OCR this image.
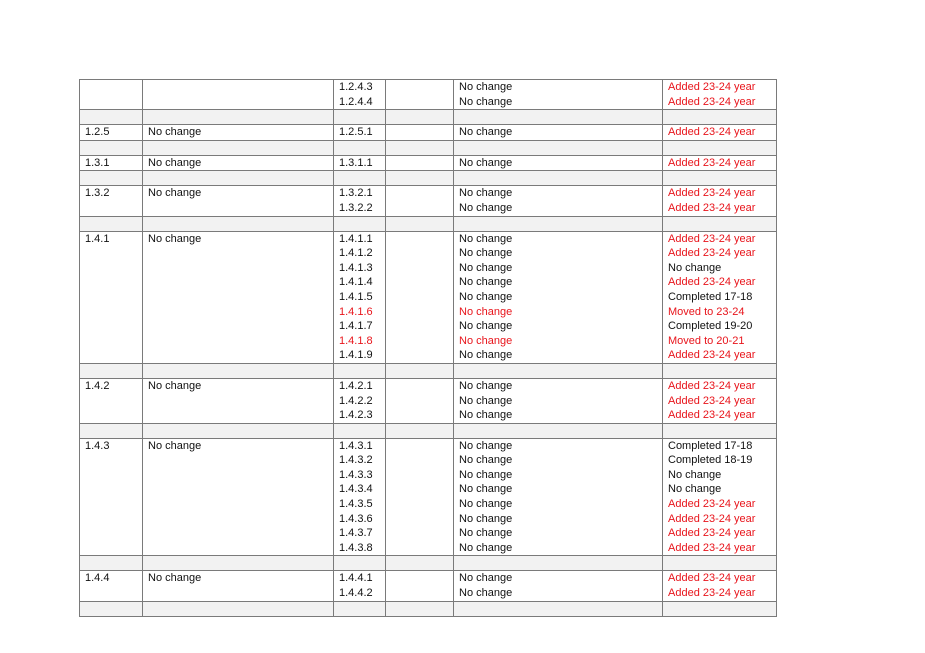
		1.2.4.3		No change	Added 23-24 year
		1.2.4.4		No change	Added 23-24 year

1.2.5	No change	1.2.5.1		No change	Added 23-24 year

1.3.1	No change	1.3.1.1		No change	Added 23-24 year

1.3.2	No change	1.3.2.1		No change	Added 23-24 year
		1.3.2.2		No change	Added 23-24 year

1.4.1	No change	1.4.1.1		No change	Added 23-24 year
		1.4.1.2		No change	Added 23-24 year
		1.4.1.3		No change	No change
		1.4.1.4		No change	Added 23-24 year
		1.4.1.5		No change	Completed 17-18
		1.4.1.6		No change	Moved to 23-24
		1.4.1.7		No change	Completed 19-20
		1.4.1.8		No change	Moved to 20-21
		1.4.1.9		No change	Added 23-24 year

1.4.2	No change	1.4.2.1		No change	Added 23-24 year
		1.4.2.2		No change	Added 23-24 year
		1.4.2.3		No change	Added 23-24 year

1.4.3	No change	1.4.3.1		No change	Completed 17-18
		1.4.3.2		No change	Completed 18-19
		1.4.3.3		No change	No change
		1.4.3.4		No change	No change
		1.4.3.5		No change	Added 23-24 year
		1.4.3.6		No change	Added 23-24 year
		1.4.3.7		No change	Added 23-24 year
		1.4.3.8		No change	Added 23-24 year

1.4.4	No change	1.4.4.1		No change	Added 23-24 year
		1.4.4.2		No change	Added 23-24 year
